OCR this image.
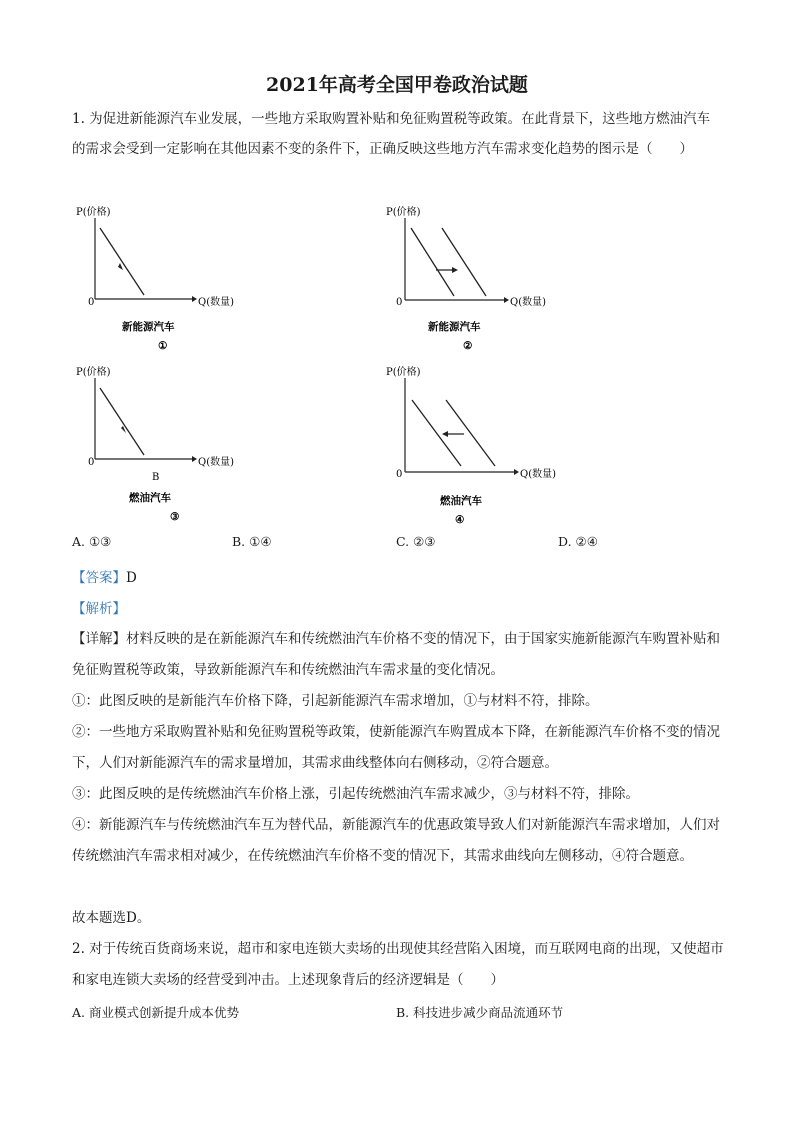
2021年高考全国甲卷政治试题
1. 为促进新能源汽车业发展，一些地方采取购置补贴和免征购置税等政策。在此背景下，这些地方燃油汽车的需求会受到一定影响在其他因素不变的条件下，正确反映这些地方汽车需求变化趋势的图示是（　　）
P(价格)
0	Q(数量)
新能源汽车
①
P(价格)
0	Q(数量)
新能源汽车
②
P(价格)
0	Q(数量)
B
燃油汽车
③
P(价格)
0	Q(数量)
燃油汽车
④
A. ①③	B. ①④	C. ②③	D. ②④
【答案】D
【解析】
【详解】材料反映的是在新能源汽车和传统燃油汽车价格不变的情况下，由于国家实施新能源汽车购置补贴和免征购置税等政策，导致新能源汽车和传统燃油汽车需求量的变化情况。
①：此图反映的是新能汽车价格下降，引起新能源汽车需求增加，①与材料不符，排除。
②：一些地方采取购置补贴和免征购置税等政策，使新能源汽车购置成本下降，在新能源汽车价格不变的情况下，人们对新能源汽车的需求量增加，其需求曲线整体向右侧移动，②符合题意。
③：此图反映的是传统燃油汽车价格上涨，引起传统燃油汽车需求减少，③与材料不符，排除。
④：新能源汽车与传统燃油汽车互为替代品，新能源汽车的优惠政策导致人们对新能源汽车需求增加，人们对传统燃油汽车需求相对减少，在传统燃油汽车价格不变的情况下，其需求曲线向左侧移动，④符合题意。
故本题选D。
2. 对于传统百货商场来说，超市和家电连锁大卖场的出现使其经营陷入困境，而互联网电商的出现，又使超市和家电连锁大卖场的经营受到冲击。上述现象背后的经济逻辑是（　　）
A. 商业模式创新提升成本优势	B. 科技进步减少商品流通环节
